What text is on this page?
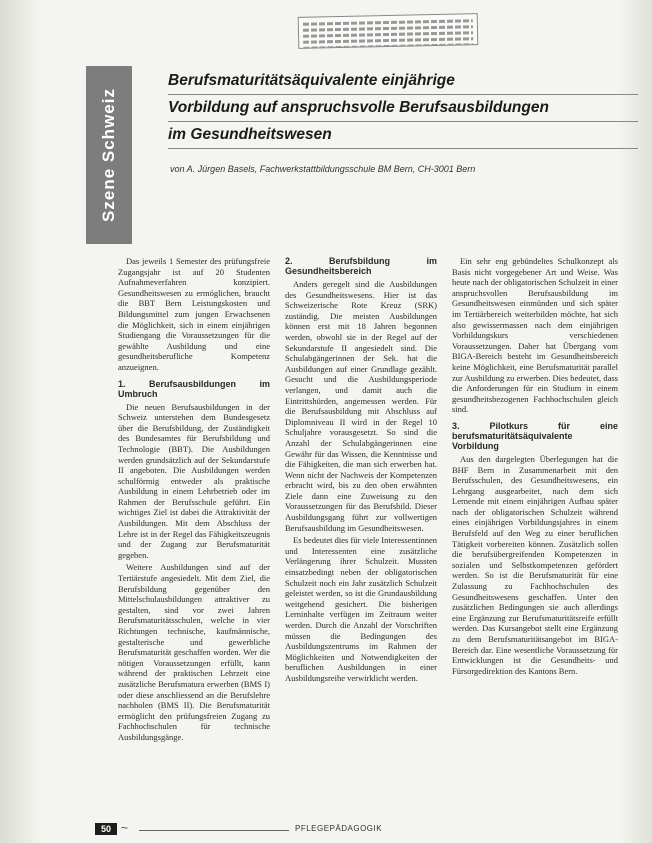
Szene Schweiz
Berufsmaturitätsäquivalente einjährige
Vorbildung auf anspruchsvolle Berufsausbildungen
im Gesundheitswesen
von A. Jürgen Basels, Fachwerkstattbildungsschule BM Bern, CH-3001 Bern

Das jeweils 1 Semester des prüfungsfreie Zugangsjahr ist auf 20 Studenten Aufnahmeverfahren konzipiert. Gesundheitswesen zu ermöglichen, braucht die BBT Bern Leistungskosten und Bildungsmittel zum jungen Erwachsenen die Möglichkeit, sich in einem einjährigen Studiengang die Voraussetzungen für die gewählte Ausbildung und eine gesundheitsberufliche Kompetenz anzueignen.

1. Berufsausbildungen im Umbruch

Die neuen Berufsausbildungen in der Schweiz unterstehen dem Bundesgesetz über die Berufsbildung, der Zuständigkeit des Bundesamtes für Berufsbildung und Technologie (BBT). Die Ausbildungen werden grundsätzlich auf der Sekundarstufe II angeboten. Die Ausbildungen werden schulförmig entweder als praktische Ausbildung in einem Lehrbetrieb oder im Rahmen der Berufsschule geführt. Ein wichtiges Ziel ist dabei die Attraktivität der Ausbildungen. Mit dem Abschluss der Lehre ist in der Regel das Fähigkeitszeugnis und der Zugang zur Berufsmaturität gegeben.

Weitere Ausbildungen sind auf der Tertiärstufe angesiedelt. Mit dem Ziel, die Berufsbildung gegenüber den Mittelschulausbildungen attraktiver zu gestalten, sind vor zwei Jahren Berufsmaturitätsschulen, welche in vier Richtungen technische, kaufmännische, gestalterische und gewerbliche Berufsmaturität geschaffen worden. Wer die nötigen Voraussetzungen erfüllt, kann während der praktischen Lehrzeit eine zusätzliche Berufsmatura erwerben (BMS I) oder diese anschliessend an die Berufslehre nachholen (BMS II). Die Berufsmaturität ermöglicht den prüfungsfreien Zugang zu Fachhochschulen für technische Ausbildungsgänge.

2. Berufsbildung im Gesundheitsbereich

Anders geregelt sind die Ausbildungen des Gesundheitswesens. Hier ist das Schweizerische Rote Kreuz (SRK) zuständig. Die meisten Ausbildungen können erst mit 18 Jahren begonnen werden, obwohl sie in der Regel auf der Sekundarstufe II angesiedelt sind. Die Schulabgängerinnen der Sek. hat die Ausbildungen auf einer Grundlage gezählt. Gesucht und die Ausbildungsperiode verlangen, und damit auch die Eintrittshürden, angemessen werden. Für die Berufsausbildung mit Abschluss auf Diplomniveau II wird in der Regel 10 Schuljahre vorausgesetzt. So sind die Anzahl der Schulabgängerinnen eine Gewähr für das Wissen, die Kenntnisse und die Fähigkeiten, die man sich erwerben hat. Wenn nicht der Nachweis der Kompetenzen erbracht wird, bis zu den oben erwähnten Ziele dann eine Zuweisung zu den Voraussetzungen für das Berufsbild. Dieser Ausbildungsgang führt zur vollwertigen Berufsausbildung im Gesundheitswesen.

Es bedeutet dies für viele Interessentinnen und Interessenten eine zusätzliche Verlängerung ihrer Schulzeit. Mussten einsatzbedingt neben der obligatorischen Schulzeit noch ein Jahr zusätzlich Schulzeit geleistet werden, so ist die Grundausbildung weitgehend gesichert. Die bisherigen Lerninhalte verfügen im Zeitraum weiter werden. Durch die Anzahl der Vorschriften müssen die Bedingungen des Ausbildungszentrums im Rahmen der Möglichkeiten und Notwendigkeiten der beruflichen Ausbildungen in einer Ausbildungsreihe verwirklicht werden.

Ein sehr eng gebündeltes Schulkonzept als Basis nicht vorgegebener Art und Weise. Was heute nach der obligatorischen Schulzeit in einer anspruchsvollen Berufsausbildung im Gesundheitswesen einmünden und sich später im Tertiärbereich weiterbilden möchte, hat sich also gewissermassen nach dem einjährigen Vorbildungskurs verschiedenen Voraussetzungen. Daher hat Übergang vom BIGA-Bereich besteht im Gesundheitsbereich keine Möglichkeit, eine Berufsmaturität parallel zur Ausbildung zu erwerben. Dies bedeutet, dass die Anforderungen für ein Studium in einem gesundheitsbezogenen Fachhochschulen gleich sind.

3. Pilotkurs für eine berufsmaturitätsäquivalente Vorbildung

Aus den dargelegten Überlegungen hat die BHF Bern in Zusammenarbeit mit den Berufsschulen, des Gesundheitswesens, ein Lehrgang ausgearbeitet, nach dem sich Lernende mit einem einjährigen Aufbau später nach der obligatorischen Schulzeit während eines einjährigen Vorbildungsjahres in einem Berufsfeld auf den Weg zu einer beruflichen Tätigkeit vorbereiten können. Zusätzlich sollen die berufsübergreifenden Kompetenzen in sozialen und Selbstkompetenzen gefördert werden. So ist die Berufsmaturität für eine Zulassung zu Fachhochschulen des Gesundheitswesens geschaffen. Unter den zusätzlichen Bedingungen sie auch allerdings eine Ergänzung zur Berufsmaturitätsreife erfüllt werden. Das Kursangebot stellt eine Ergänzung zu dem Berufsmaturitätsangebot im BIGA-Bereich dar. Eine wesentliche Voraussetzung für Entwicklungen ist die Gesundheits- und Fürsorgedirektion des Kantons Bern.

50 ~	PFLEGEPÄDAGOGIK
